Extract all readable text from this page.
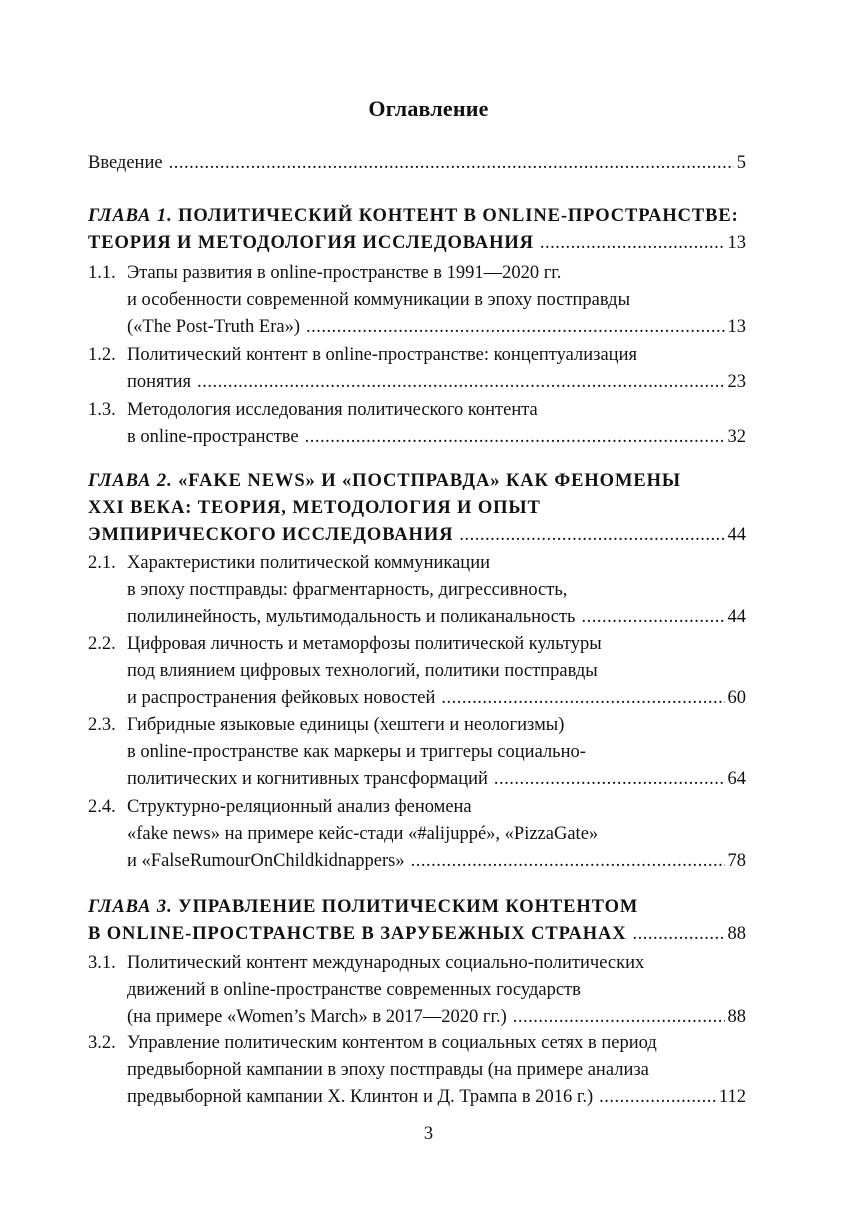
Оглавление
Введение .....	5
ГЛАВА 1.
ПОЛИТИЧЕСКИЙ КОНТЕНТ В ONLINE-ПРОСТРАНСТВЕ:
ТЕОРИЯ И МЕТОДОЛОГИЯ ИССЛЕДОВАНИЯ .....	13
1.1. Этапы развития в online-пространстве в 1991—2020 гг.
и особенности современной коммуникации в эпоху постправды
(«The Post-Truth Era») .....	13
1.2. Политический контент в online-пространстве: концептуализация
понятия .....	23
1.3. Методология исследования политического контента
в online-пространстве .....	32
ГЛАВА 2.
«FAKE NEWS» И «ПОСТПРАВДА» КАК ФЕНОМЕНЫ
XXI ВЕКА: ТЕОРИЯ, МЕТОДОЛОГИЯ И ОПЫТ
ЭМПИРИЧЕСКОГО ИССЛЕДОВАНИЯ .....	44
2.1. Характеристики политической коммуникации
в эпоху постправды: фрагментарность, дигрессивность,
полилинейность, мультимодальность и поликанальность .....	44
2.2. Цифровая личность и метаморфозы политической культуры
под влиянием цифровых технологий, политики постправды
и распространения фейковых новостей .....	60
2.3. Гибридные языковые единицы (хештеги и неологизмы)
в online-пространстве как маркеры и триггеры социально-
политических и когнитивных трансформаций .....	64
2.4. Структурно-реляционный анализ феномена
«fake news» на примере кейс-стади «#alijuppé», «PizzaGate»
и «FalseRumourOnChildkidnappers» .....	78
ГЛАВА 3.
УПРАВЛЕНИЕ ПОЛИТИЧЕСКИМ КОНТЕНТОМ
В ONLINE-ПРОСТРАНСТВЕ В ЗАРУБЕЖНЫХ СТРАНАХ .....	88
3.1. Политический контент международных социально-политических
движений в online-пространстве современных государств
(на примере «Women’s March» в 2017—2020 гг.) .....	88
3.2. Управление политическим контентом в социальных сетях в период
предвыборной кампании в эпоху постправды (на примере анализа
предвыборной кампании Х. Клинтон и Д. Трампа в 2016 г.) .....	112
3
